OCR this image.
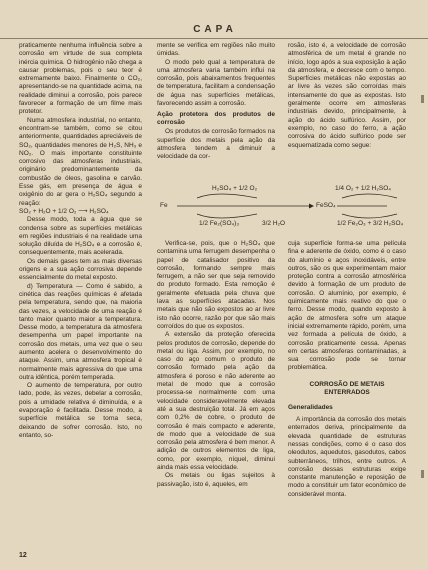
CAPA

praticamente nenhuma influência sobre a corrosão em virtude de sua completa inércia química. O hidrogênio não chega a causar problemas, pois o seu teor é extremamente baixo. Finalmente o CO₂, apresentando-se na quantidade acima, na realidade diminui a corrosão, pois parece favorecer a formação de um filme mais protetor.

Numa atmosfera industrial, no entanto, encontram-se também, como se citou anteriormente, quantidades apreciáveis de SO₂, quantidades menores de H₂S, NH₃ e NO₂. O mais importante constituinte corrosivo das atmosferas industriais, originário predominantemente da combustão de óleos, gasolina e carvão. Esse gás, em presença de água e oxigênio do ar gera o H₂SO₄ segundo a reação:

SO₂ + H₂O + 1/2 O₂ ⟶ H₂SO₄

Desse modo, toda a água que se condensa sobre as superfícies metálicas em regiões industriais é na realidade uma solução diluída de H₂SO₄ e a corrosão é, consequentemente, mais acelerada.

Os demais gases tem as mais diversas origens e a sua ação corrosiva depende essencialmente do metal exposto.

d) Temperatura — Como é sabido, a cinética das reações químicas é afetada pela temperatura, sendo que, na maioria das vezes, a velocidade de uma reação é tanto maior quanto maior a temperatura. Desse modo, a temperatura da atmosfera desempenha um papel importante na corrosão dos metais, uma vez que o seu aumento acelera o desenvolvimento do ataque. Assim, uma atmosfera tropical é normalmente mais agressiva do que uma outra idêntica, porém temperada.

O aumento de temperatura, por outro lado, pode, às vezes, debelar a corrosão, pois a umidade relativa é diminuída, e a evaporação é facilitada. Desse modo, a superfície metálica se torna seca, deixando de sofrer corrosão. Isto, no entanto, so-

mente se verifica em regiões não muito úmidas.

O modo pelo qual a temperatura de uma atmosfera varia também influi na corrosão, pois abaixamentos frequentes de temperatura, facilitam a condensação de água nas superfícies metálicas, favorecendo assim a corrosão.

Ação protetora dos produtos de corrosão

Os produtos de corrosão formados na superfície dos metais pela ação da atmosfera tendem a diminuir a velocidade da cor-

rosão, isto é, a velocidade de corrosão atmosférica de um metal é grande no início, logo após a sua exposição à ação da atmosfera, e decresce com o tempo. Superfícies metálicas não expostas ao ar livre às vezes são corroídas mais intensamente do que as expostas. Isto geralmente ocorre em atmosferas industriais devido, principalmente, à ação do ácido sulfúrico. Assim, por exemplo, no caso do ferro, a ação corrosiva do ácido sulfúrico pode ser esquematizada como segue:

H₂SO₄ + 1/2 O₂	1/4 O₂ + 1/2 H₂SO₄
Fe	FeSO₄
1/2 Fe₂(SO₄)₃	3/2 H₂O	1/2 Fe₂O₃ + 3/2 H₂SO₄

Verifica-se, pois, que o H₂SO₄ que contamina uma ferrugem desempenha o papel de catalisador positivo da corrosão, formando sempre mais ferrugem, a não ser que seja removido do produto formado. Esta remoção é geralmente efetuada pela chuva que lava as superfícies atacadas. Nos metais que não são expostos ao ar livre isto não ocorre, razão por que são mais corroídos do que os expostos.

A extensão da proteção oferecida pelos produtos de corrosão, depende do metal ou liga. Assim, por exemplo, no caso do aço comum o produto de corrosão formado pela ação da atmosfera é poroso e não aderente ao metal de modo que a corrosão processa-se normalmente com uma velocidade consideravelmente elevada até a sua destruição total. Já em aços com 0,2% de cobre, o produto de corrosão é mais compacto e aderente, de modo que a velocidade de sua corrosão pela atmosfera é bem menor. A adição de outros elementos de liga, como, por exemplo, níquel, diminui ainda mais essa velocidade.

Os metais ou ligas sujeitos à passivação, isto é, aqueles, em

cuja superfície forma-se uma película fina e aderente de óxido, como é o caso do alumínio e aços inoxidáveis, entre outros, são os que experimentam maior proteção contra a corrosão atmosférica devido à formação de um produto de corrosão. O alumínio, por exemplo, é quimicamente mais reativo do que o ferro. Desse modo, quando exposto à ação de atmosfera sofre um ataque inicial extremamente rápido, porém, uma vez formada a película de óxido, a corrosão praticamente cessa. Apenas em certas atmosferas contaminadas, a sua corrosão pode se tornar problemática.

CORROSÃO DE METAIS
ENTERRADOS
Generalidades

A importância da corrosão dos metais enterrados deriva, principalmente da elevada quantidade de estruturas nessas condições, como é o caso dos oleodutos, aquedutos, gasodutos, cabos subterrâneos, trilhos, entre outros. A corrosão dessas estruturas exige constante manutenção e reposição de modo a constituir um fator econômico de considerável monta.

12
